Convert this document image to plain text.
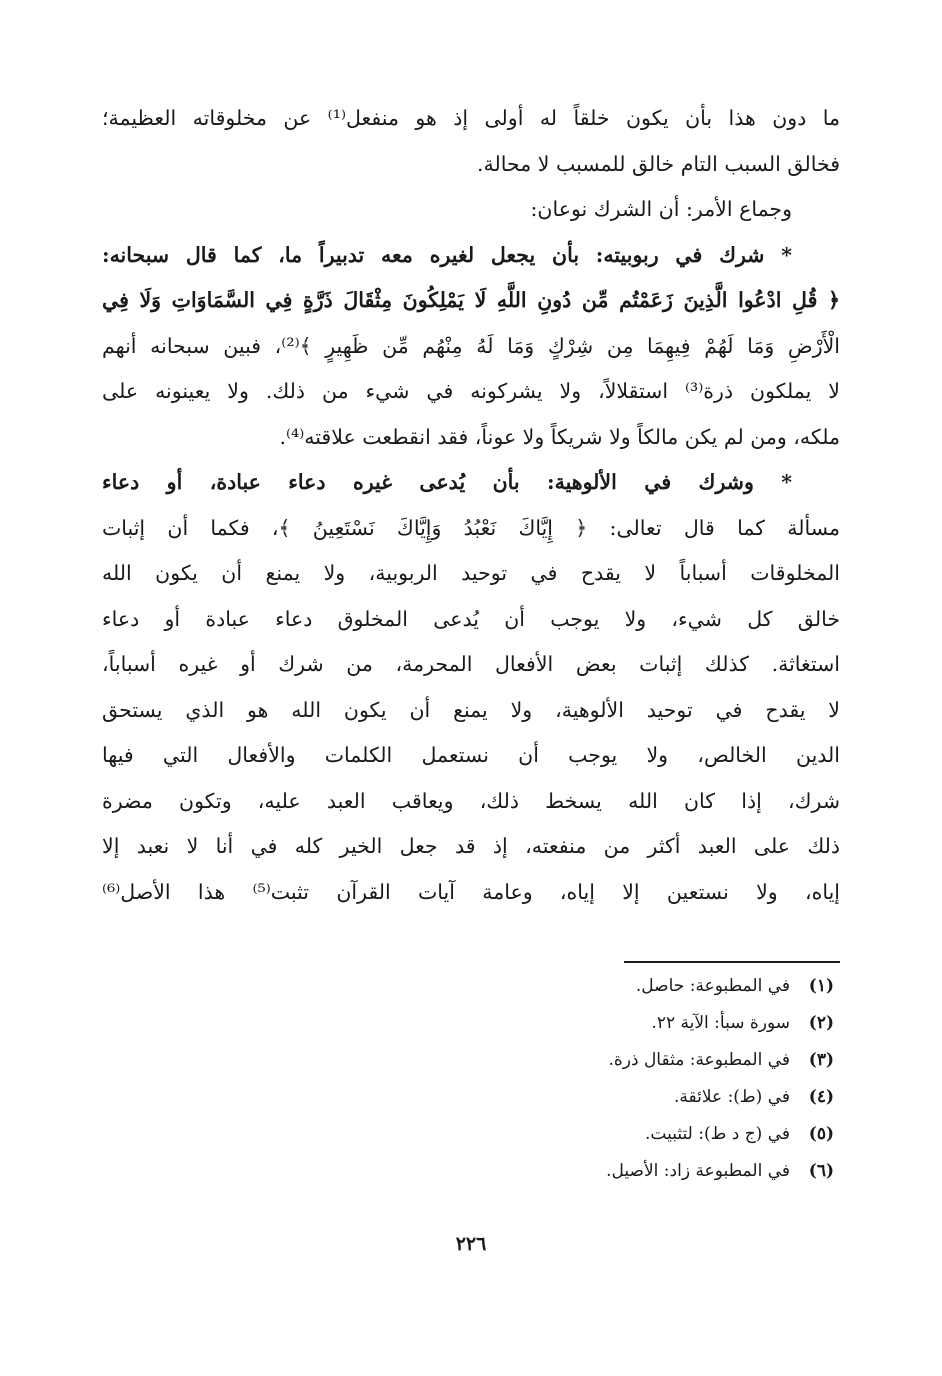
ما دون هذا بأن يكون خلقاً له أولى إذ هو منفعل⁽¹⁾ عن مخلوقاته العظيمة؛
فخالق السبب التام خالق للمسبب لا محالة.
وجماع الأمر: أن الشرك نوعان:
* شرك في ربوبيته: بأن يجعل لغيره معه تدبيراً ما، كما قال سبحانه:
﴿ قُلِ ادْعُوا الَّذِينَ زَعَمْتُم مِّن دُونِ اللَّهِ لَا يَمْلِكُونَ مِثْقَالَ ذَرَّةٍ فِي السَّمَاوَاتِ وَلَا فِي
الْأَرْضِ وَمَا لَهُمْ فِيهِمَا مِن شِرْكٍ وَمَا لَهُ مِنْهُم مِّن ظَهِيرٍ ﴾⁽²⁾، فبين سبحانه أنهم
لا يملكون ذرة⁽³⁾ استقلالاً، ولا يشركونه في شيء من ذلك. ولا يعينونه على
ملكه، ومن لم يكن مالكاً ولا شريكاً ولا عوناً، فقد انقطعت علاقته⁽⁴⁾.
* وشرك في الألوهية: بأن يُدعى غيره دعاء عبادة، أو دعاء
مسألة كما قال تعالى: ﴿ إِيَّاكَ نَعْبُدُ وَإِيَّاكَ نَسْتَعِينُ ﴾، فكما أن إثبات
المخلوقات أسباباً لا يقدح في توحيد الربوبية، ولا يمنع أن يكون الله
خالق كل شيء، ولا يوجب أن يُدعى المخلوق دعاء عبادة أو دعاء
استغاثة. كذلك إثبات بعض الأفعال المحرمة، من شرك أو غيره أسباباً،
لا يقدح في توحيد الألوهية، ولا يمنع أن يكون الله هو الذي يستحق
الدين الخالص، ولا يوجب أن نستعمل الكلمات والأفعال التي فيها
شرك، إذا كان الله يسخط ذلك، ويعاقب العبد عليه، وتكون مضرة
ذلك على العبد أكثر من منفعته، إذ قد جعل الخير كله في أنا لا نعبد إلا
إياه، ولا نستعين إلا إياه، وعامة آيات القرآن تثبت⁽⁵⁾ هذا الأصل⁽⁶⁾
(١)في المطبوعة: حاصل.
(٢)سورة سبأ: الآية ٢٢.
(٣)في المطبوعة: مثقال ذرة.
(٤)في (ط): علائقة.
(٥)في (ج د ط): لتثبيت.
(٦)في المطبوعة زاد: الأصيل.
٢٢٦
